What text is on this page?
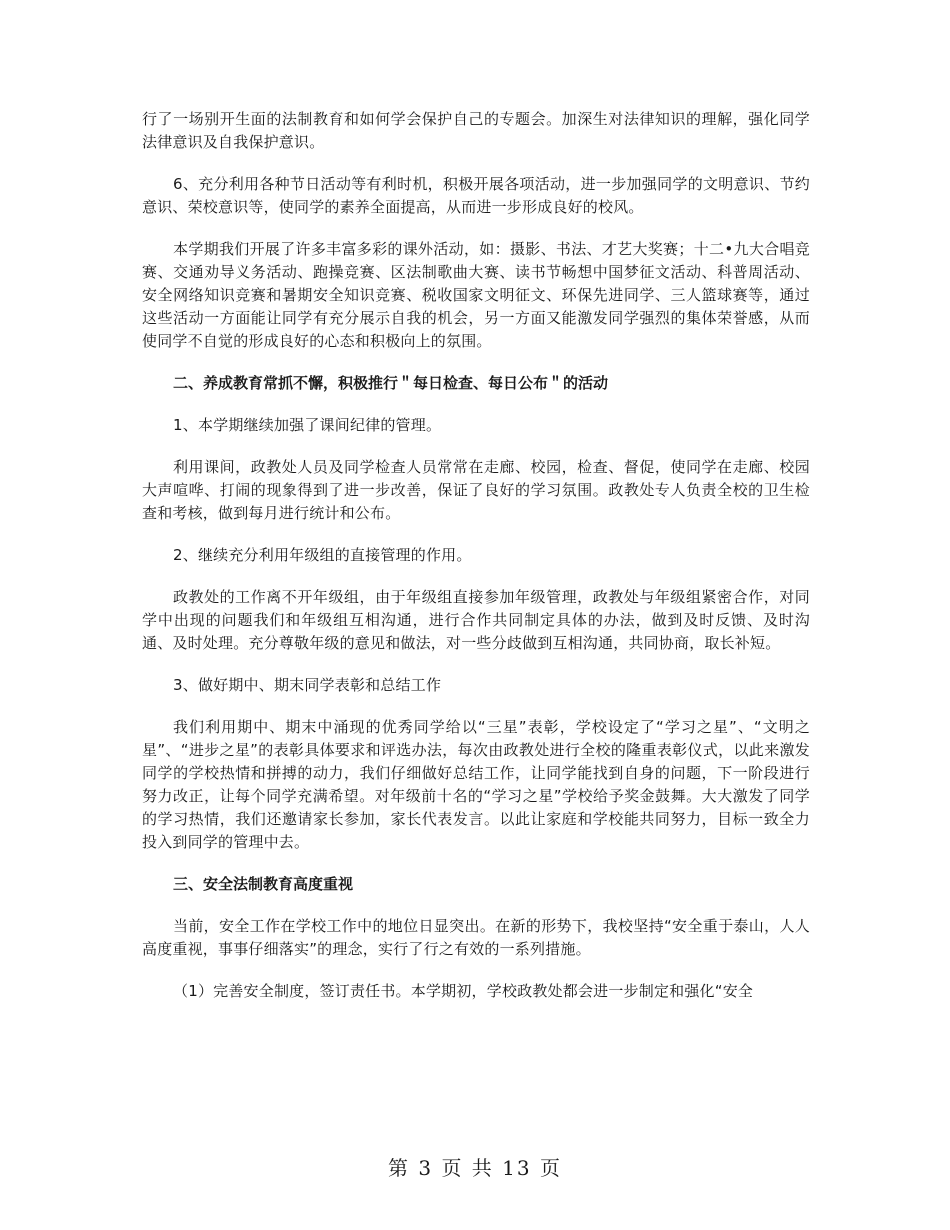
行了一场别开生面的法制教育和如何学会保护自己的专题会。加深生对法律知识的理解，强化同学法律意识及自我保护意识。

6、充分利用各种节日活动等有利时机，积极开展各项活动，进一步加强同学的文明意识、节约意识、荣校意识等，使同学的素养全面提高，从而进一步形成良好的校风。

本学期我们开展了许多丰富多彩的课外活动，如：摄影、书法、才艺大奖赛；十二•九大合唱竞赛、交通劝导义务活动、跑操竞赛、区法制歌曲大赛、读书节畅想中国梦征文活动、科普周活动、安全网络知识竞赛和暑期安全知识竞赛、税收国家文明征文、环保先进同学、三人篮球赛等，通过这些活动一方面能让同学有充分展示自我的机会，另一方面又能激发同学强烈的集体荣誉感，从而使同学不自觉的形成良好的心态和积极向上的氛围。

二、养成教育常抓不懈，积极推行＂每日检查、每日公布＂的活动

1、本学期继续加强了课间纪律的管理。

利用课间，政教处人员及同学检查人员常常在走廊、校园，检查、督促，使同学在走廊、校园大声喧哗、打闹的现象得到了进一步改善，保证了良好的学习氛围。政教处专人负责全校的卫生检查和考核，做到每月进行统计和公布。

2、继续充分利用年级组的直接管理的作用。

政教处的工作离不开年级组，由于年级组直接参加年级管理，政教处与年级组紧密合作，对同学中出现的问题我们和年级组互相沟通，进行合作共同制定具体的办法，做到及时反馈、及时沟通、及时处理。充分尊敬年级的意见和做法，对一些分歧做到互相沟通，共同协商，取长补短。

3、做好期中、期末同学表彰和总结工作

我们利用期中、期末中涌现的优秀同学给以“三星”表彰，学校设定了“学习之星”、“文明之星”、“进步之星”的表彰具体要求和评选办法，每次由政教处进行全校的隆重表彰仪式，以此来激发同学的学校热情和拼搏的动力，我们仔细做好总结工作，让同学能找到自身的问题，下一阶段进行努力改正，让每个同学充满希望。对年级前十名的“学习之星”学校给予奖金鼓舞。大大激发了同学的学习热情，我们还邀请家长参加，家长代表发言。以此让家庭和学校能共同努力，目标一致全力投入到同学的管理中去。

三、安全法制教育高度重视

当前，安全工作在学校工作中的地位日显突出。在新的形势下，我校坚持“安全重于泰山，人人高度重视，事事仔细落实”的理念，实行了行之有效的一系列措施。

（1）完善安全制度，签订责任书。本学期初，学校政教处都会进一步制定和强化“安全

第 3 页 共 13 页
